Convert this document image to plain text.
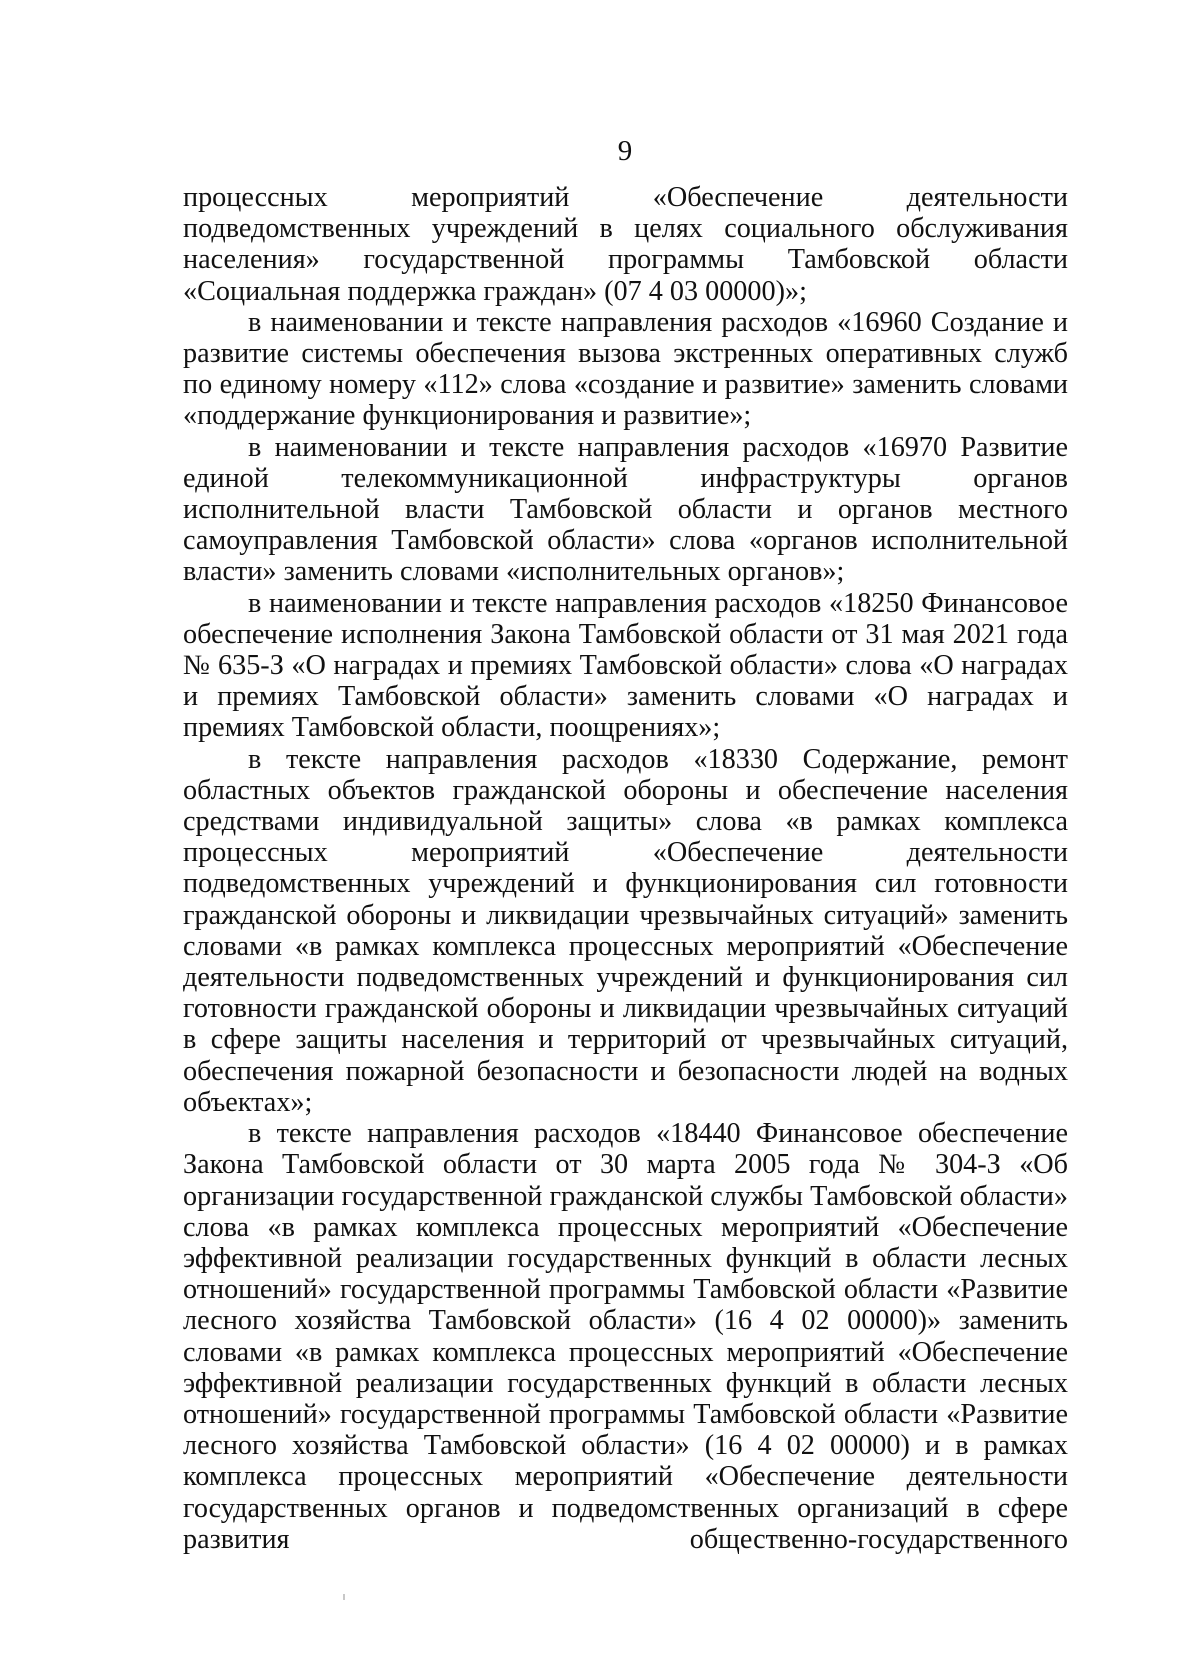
9

процессных мероприятий «Обеспечение деятельности подведомственных учреждений в целях социального обслуживания населения» государственной программы Тамбовской области «Социальная поддержка граждан» (07 4 03 00000)»;

в наименовании и тексте направления расходов «16960 Создание и развитие системы обеспечения вызова экстренных оперативных служб по единому номеру «112» слова «создание и развитие» заменить словами «поддержание функционирования и развитие»;

в наименовании и тексте направления расходов «16970 Развитие единой телекоммуникационной инфраструктуры органов исполнительной власти Тамбовской области и органов местного самоуправления Тамбовской области» слова «органов исполнительной власти» заменить словами «исполнительных органов»;

в наименовании и тексте направления расходов «18250 Финансовое обеспечение исполнения Закона Тамбовской области от 31 мая 2021 года № 635-З «О наградах и премиях Тамбовской области» слова «О наградах и премиях Тамбовской области» заменить словами «О наградах и премиях Тамбовской области, поощрениях»;

в тексте направления расходов «18330 Содержание, ремонт областных объектов гражданской обороны и обеспечение населения средствами индивидуальной защиты» слова «в рамках комплекса процессных мероприятий «Обеспечение деятельности подведомственных учреждений и функционирования сил готовности гражданской обороны и ликвидации чрезвычайных ситуаций» заменить словами «в рамках комплекса процессных мероприятий «Обеспечение деятельности подведомственных учреждений и функционирования сил готовности гражданской обороны и ликвидации чрезвычайных ситуаций в сфере защиты населения и территорий от чрезвычайных ситуаций, обеспечения пожарной безопасности и безопасности людей на водных объектах»;

в тексте направления расходов «18440 Финансовое обеспечение Закона Тамбовской области от 30 марта 2005 года № 304-З «Об организации государственной гражданской службы Тамбовской области» слова «в рамках комплекса процессных мероприятий «Обеспечение эффективной реализации государственных функций в области лесных отношений» государственной программы Тамбовской области «Развитие лесного хозяйства Тамбовской области» (16 4 02 00000)» заменить словами «в рамках комплекса процессных мероприятий «Обеспечение эффективной реализации государственных функций в области лесных отношений» государственной программы Тамбовской области «Развитие лесного хозяйства Тамбовской области» (16 4 02 00000) и в рамках комплекса процессных мероприятий «Обеспечение деятельности государственных органов и подведомственных организаций в сфере развития общественно-государственного
